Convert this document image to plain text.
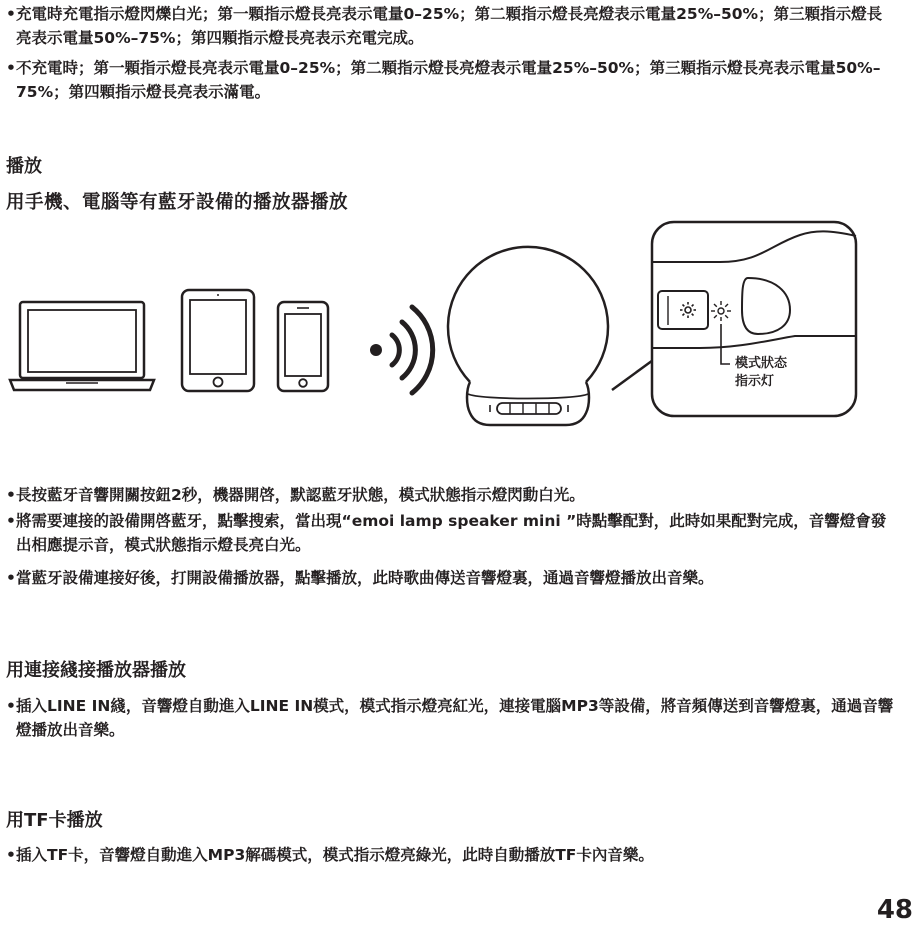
• 充電時充電指示燈閃爍白光；第一顆指示燈長亮表示電量0–25%；第二顆指示燈長亮燈表示電量25%–50%；第三顆指示燈長亮表示電量50%–75%；第四顆指示燈長亮表示充電完成。
• 不充電時；第一顆指示燈長亮表示電量0–25%；第二顆指示燈長亮燈表示電量25%–50%；第三顆指示燈長亮表示電量50%–75%；第四顆指示燈長亮表示滿電。
播放
用手機、電腦等有藍牙設備的播放器播放
模式狀态指示灯
• 長按藍牙音響開關按鈕2秒，機器開啓，默認藍牙狀態，模式狀態指示燈閃動白光。
• 將需要連接的設備開啓藍牙，點擊搜索，當出現“emoi lamp speaker mini ”時點擊配對，此時如果配對完成，音響燈會發出相應提示音，模式狀態指示燈長亮白光。
• 當藍牙設備連接好後，打開設備播放器，點擊播放，此時歌曲傳送音響燈裏，通過音響燈播放出音樂。
用連接綫接播放器播放
• 插入LINE IN綫，音響燈自動進入LINE IN模式，模式指示燈亮紅光，連接電腦MP3等設備，將音頻傳送到音響燈裏，通過音響燈播放出音樂。
用TF卡播放
• 插入TF卡，音響燈自動進入MP3解碼模式，模式指示燈亮綠光，此時自動播放TF卡內音樂。
48
